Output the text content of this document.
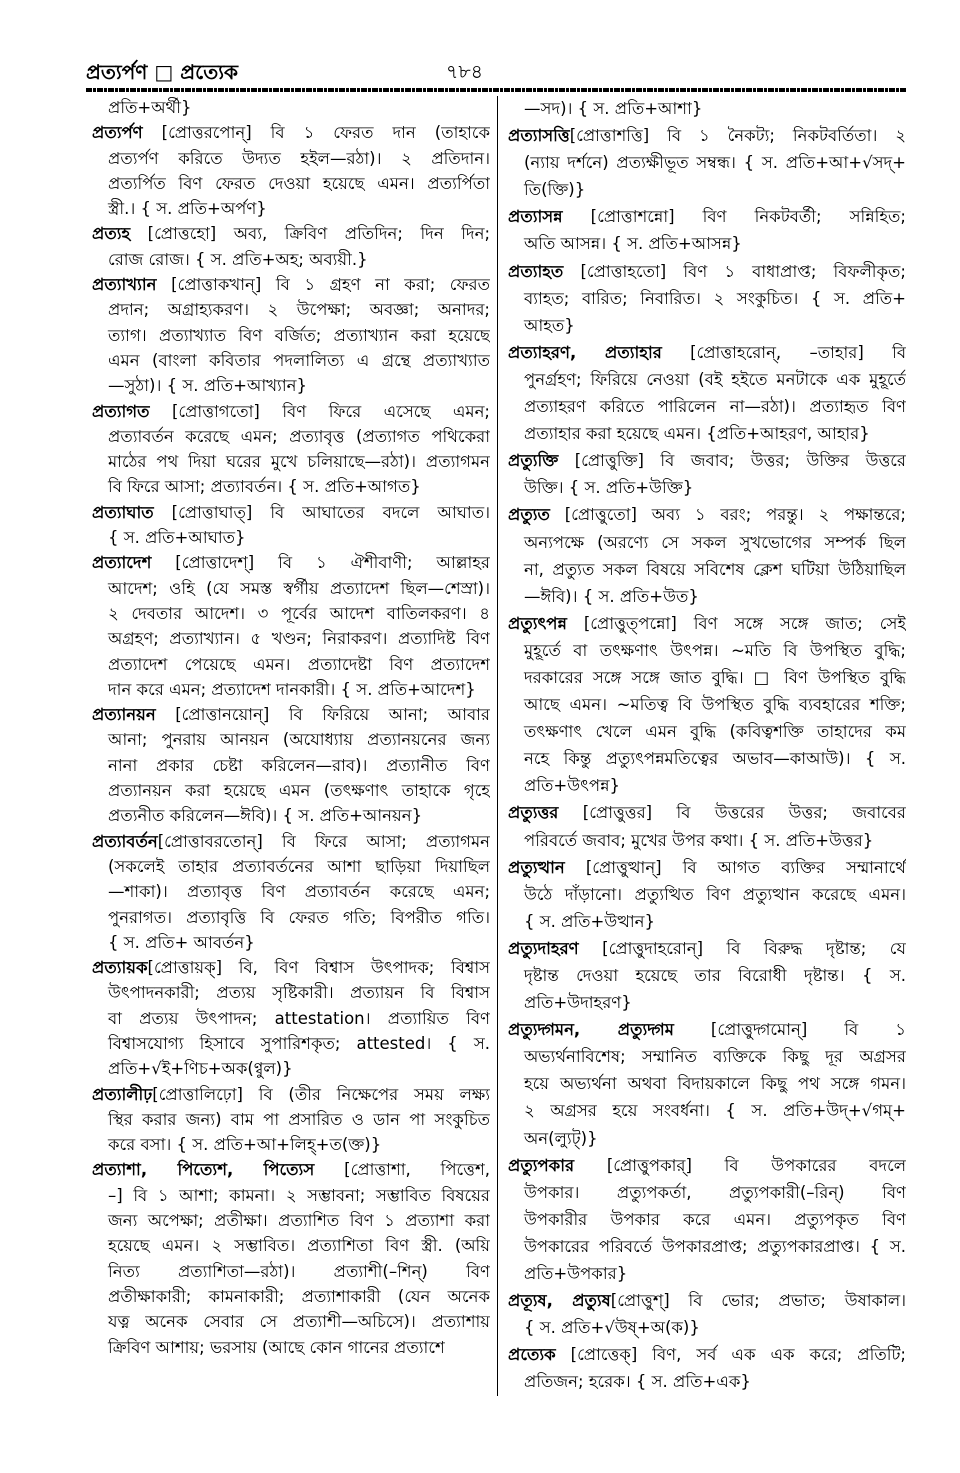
প্রত্যর্পণ □ প্রত্যেক	৭৮৪
প্রতি+অর্থী}
প্রত্যর্পণ [প্রোত্তরপোন্] বি ১ ফেরত দান (তাহাকে
প্রত্যর্পণ করিতে উদ্যত হইল—রঠা)। ২ প্রতিদান।
প্রত্যর্পিত বিণ ফেরত দেওয়া হয়েছে এমন। প্রত্যর্পিতা
স্ত্রী.। { স. প্রতি+অর্পণ}
প্রত্যহ [প্রোত্তহো] অব্য, ক্রিবিণ প্রতিদিন; দিন দিন;
রোজ রোজ। { স. প্রতি+অহ; অব্যয়ী.}
প্রত্যাখ্যান [প্রোত্তাকখান্] বি ১ গ্রহণ না করা; ফেরত
প্রদান; অগ্রাহ্যকরণ। ২ উপেক্ষা; অবজ্ঞা; অনাদর;
ত্যাগ। প্রত্যাখ্যাত বিণ বর্জিত; প্রত্যাখ্যান করা হয়েছে
এমন (বাংলা কবিতার পদলালিত্য এ গ্রন্থে প্রত্যাখ্যাত
—সুঠা)। { স. প্রতি+আখ্যান}
প্রত্যাগত [প্রোত্তাগতো] বিণ ফিরে এসেছে এমন;
প্রত্যাবর্তন করেছে এমন; প্রত্যাবৃত্ত (প্রত্যাগত পথিকেরা
মাঠের পথ দিয়া ঘরের মুখে চলিয়াছে—রঠা)। প্রত্যাগমন
বি ফিরে আসা; প্রত্যাবর্তন। { স. প্রতি+আগত}
প্রত্যাঘাত [প্রোত্তাঘাত্] বি আঘাতের বদলে আঘাত।
{ স. প্রতি+আঘাত}
প্রত্যাদেশ [প্রোত্তাদেশ্] বি ১ ঐশীবাণী; আল্লাহর
আদেশ; ওহি (যে সমস্ত স্বর্গীয় প্রত্যাদেশ ছিল—শেস্রা)।
২ দেবতার আদেশ। ৩ পূর্বের আদেশ বাতিলকরণ। ৪
অগ্রহণ; প্রত্যাখ্যান। ৫ খণ্ডন; নিরাকরণ। প্রত্যাদিষ্ট বিণ
প্রত্যাদেশ পেয়েছে এমন। প্রত্যাদেষ্টা বিণ প্রত্যাদেশ
দান করে এমন; প্রত্যাদেশ দানকারী। { স. প্রতি+আদেশ}
প্রত্যানয়ন [প্রোত্তানয়োন্] বি ফিরিয়ে আনা; আবার
আনা; পুনরায় আনয়ন (অযোধ্যায় প্রত্যানয়নের জন্য
নানা প্রকার চেষ্টা করিলেন—রাব)। প্রত্যানীত বিণ
প্রত্যানয়ন করা হয়েছে এমন (তৎক্ষণাৎ তাহাকে গৃহে
প্রত্যনীত করিলেন—ঈবি)। { স. প্রতি+আনয়ন}
প্রত্যাবর্তন[প্রোত্তাবরতোন্] বি ফিরে আসা; প্রত্যাগমন
(সকলেই তাহার প্রত্যাবর্তনের আশা ছাড়িয়া দিয়াছিল
—শাকা)। প্রত্যাবৃত্ত বিণ প্রত্যাবর্তন করেছে এমন;
পুনরাগত। প্রত্যাবৃত্তি বি ফেরত গতি; বিপরীত গতি।
{ স. প্রতি+ আবর্তন}
প্রত্যায়ক[প্রোত্তায়ক্] বি, বিণ বিশ্বাস উৎপাদক; বিশ্বাস
উৎপাদনকারী; প্রত্যয় সৃষ্টিকারী। প্রত্যায়ন বি বিশ্বাস
বা প্রত্যয় উৎপাদন; attestation। প্রত্যায়িত বিণ
বিশ্বাসযোগ্য হিসাবে সুপারিশকৃত; attested। { স.
প্রতি+√ই+ণিচ+অক(ণ্বুল)}
প্রত্যালীঢ়[প্রোত্তালিঢ়ো] বি (তীর নিক্ষেপের সময় লক্ষ্য
স্থির করার জন্য) বাম পা প্রসারিত ও ডান পা সংকুচিত
করে বসা। { স. প্রতি+আ+লিহ্+ত(ক্ত)}
প্রত্যাশা, পিত্যেশ, পিত্যেস [প্রোত্তাশা, পিত্তেশ,
–] বি ১ আশা; কামনা। ২ সম্ভাবনা; সম্ভাবিত বিষয়ের
জন্য অপেক্ষা; প্রতীক্ষা। প্রত্যাশিত বিণ ১ প্রত্যাশা করা
হয়েছে এমন। ২ সম্ভাবিত। প্রত্যাশিতা বিণ স্ত্রী. (অয়ি
নিত্য প্রত্যাশিতা—রঠা)। প্রত্যাশী(–শিন্) বিণ
প্রতীক্ষাকারী; কামনাকারী; প্রত্যাশাকারী (যেন অনেক
যত্ন অনেক সেবার সে প্রত্যাশী—অচিসে)। প্রত্যাশায়
ক্রিবিণ আশায়; ভরসায় (আছে কোন গানের প্রত্যাশে
—সদ)। { স. প্রতি+আশা}
প্রত্যাসত্তি[প্রোত্তাশত্তি] বি ১ নৈকট্য; নিকটবর্তিতা। ২
(ন্যায় দর্শনে) প্রত্যক্ষীভূত সম্বন্ধ। { স. প্রতি+আ+√সদ্+
তি(ক্তি)}
প্রত্যাসন্ন [প্রোত্তাশন্নো] বিণ নিকটবর্তী; সন্নিহিত;
অতি আসন্ন। { স. প্রতি+আসন্ন}
প্রত্যাহত [প্রোত্তাহতো] বিণ ১ বাধাপ্রাপ্ত; বিফলীকৃত;
ব্যাহত; বারিত; নিবারিত। ২ সংকুচিত। { স. প্রতি+
আহত}
প্রত্যাহরণ, প্রত্যাহার [প্রোত্তাহরোন্, –তাহার] বি
পুনর্গ্রহণ; ফিরিয়ে নেওয়া (বই হইতে মনটাকে এক মুহূর্তে
প্রত্যাহরণ করিতে পারিলেন না—রঠা)। প্রত্যাহৃত বিণ
প্রত্যাহার করা হয়েছে এমন। {প্রতি+আহরণ, আহার}
প্রত্যুক্তি [প্রোত্তুক্তি] বি জবাব; উত্তর; উক্তির উত্তরে
উক্তি। { স. প্রতি+উক্তি}
প্রত্যুত [প্রোত্তুতো] অব্য ১ বরং; পরন্তু। ২ পক্ষান্তরে;
অন্যপক্ষে (অরণ্যে সে সকল সুখভোগের সম্পর্ক ছিল
না, প্রত্যুত সকল বিষয়ে সবিশেষ ক্লেশ ঘটিয়া উঠিয়াছিল
—ঈবি)। { স. প্রতি+উত}
প্রত্যুৎপন্ন [প্রোত্তুত্পন্নো] বিণ সঙ্গে সঙ্গে জাত; সেই
মুহূর্তে বা তৎক্ষণাৎ উৎপন্ন। ~মতি বি উপস্থিত বুদ্ধি;
দরকারের সঙ্গে সঙ্গে জাত বুদ্ধি। □ বিণ উপস্থিত বুদ্ধি
আছে এমন। ~মতিত্ব বি উপস্থিত বুদ্ধি ব্যবহারের শক্তি;
তৎক্ষণাৎ খেলে এমন বুদ্ধি (কবিত্বশক্তি তাহাদের কম
নহে কিন্তু প্রত্যুৎপন্নমতিত্বের অভাব—কাআউ)। { স.
প্রতি+উৎপন্ন}
প্রত্যুত্তর [প্রোত্তুত্তর] বি উত্তরের উত্তর; জবাবের
পরিবর্তে জবাব; মুখের উপর কথা। { স. প্রতি+উত্তর}
প্রত্যুত্থান [প্রোত্তুত্থান্] বি আগত ব্যক্তির সম্মানার্থে
উঠে দাঁড়ানো। প্রত্যুত্থিত বিণ প্রত্যুত্থান করেছে এমন।
{ স. প্রতি+উত্থান}
প্রত্যুদাহরণ [প্রোত্তুদাহরোন্] বি বিরুদ্ধ দৃষ্টান্ত; যে
দৃষ্টান্ত দেওয়া হয়েছে তার বিরোধী দৃষ্টান্ত। { স.
প্রতি+উদাহরণ}
প্রত্যুদ্গমন, প্রত্যুদ্গম [প্রোত্তুদ্গমোন্] বি ১
অভ্যর্থনাবিশেষ; সম্মানিত ব্যক্তিকে কিছু দূর অগ্রসর
হয়ে অভ্যর্থনা অথবা বিদায়কালে কিছু পথ সঙ্গে গমন।
২ অগ্রসর হয়ে সংবর্ধনা। { স. প্রতি+উদ্+√গম্+
অন(ল্যুট্)}
প্রত্যুপকার [প্রোত্তুপকার্] বি উপকারের বদলে
উপকার। প্রত্যুপকর্তা, প্রত্যুপকারী(–রিন্) বিণ
উপকারীর উপকার করে এমন। প্রত্যুপকৃত বিণ
উপকারের পরিবর্তে উপকারপ্রাপ্ত; প্রত্যুপকারপ্রাপ্ত। { স.
প্রতি+উপকার}
প্রত্যূষ, প্রত্যুষ[প্রোত্তুশ্] বি ভোর; প্রভাত; উষাকাল।
{ স. প্রতি+√উষ্+অ(ক)}
প্রত্যেক [প্রোত্তেক্] বিণ, সর্ব এক এক করে; প্রতিটি;
প্রতিজন; হরেক। { স. প্রতি+এক}
